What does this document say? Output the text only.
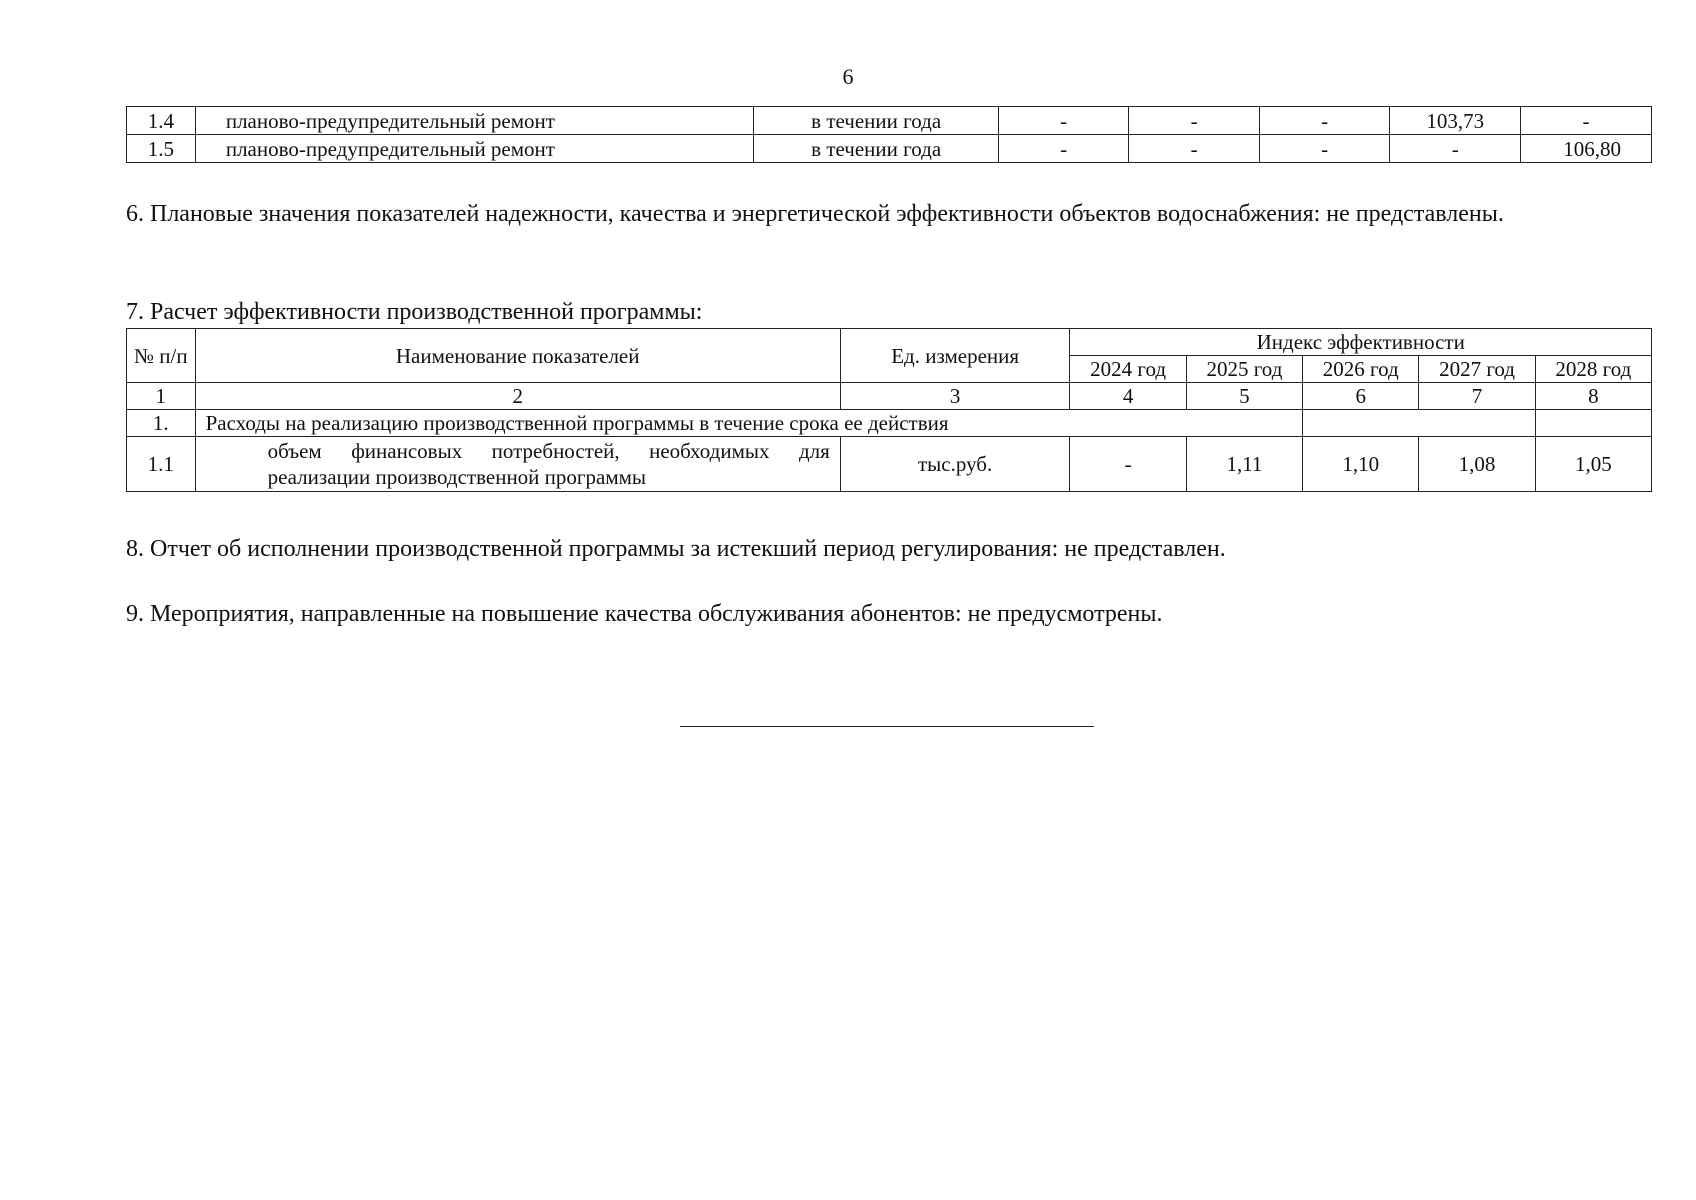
6
1.4	планово-предупредительный ремонт	в течении года	-	-	-	103,73	-
1.5	планово-предупредительный ремонт	в течении года	-	-	-	-	106,80
6. Плановые значения показателей надежности, качества и энергетической эффективности объектов водоснабжения: не представлены.
7. Расчет эффективности производственной программы:
№ п/п	Наименование показателей	Ед. измерения	Индекс эффективности				
			2024 год	2025 год	2026 год	2027 год	2028 год
1	2	3	4	5	6	7	8
1.	Расходы на реализацию производственной программы в течение срока ее действия						
1.1	объем финансовых потребностей, необходимых для реализации производственной программы	тыс.руб.	-	1,11	1,10	1,08	1,05
8. Отчет об исполнении производственной программы за истекший период регулирования: не представлен.
9. Мероприятия, направленные на повышение качества обслуживания абонентов: не предусмотрены.
